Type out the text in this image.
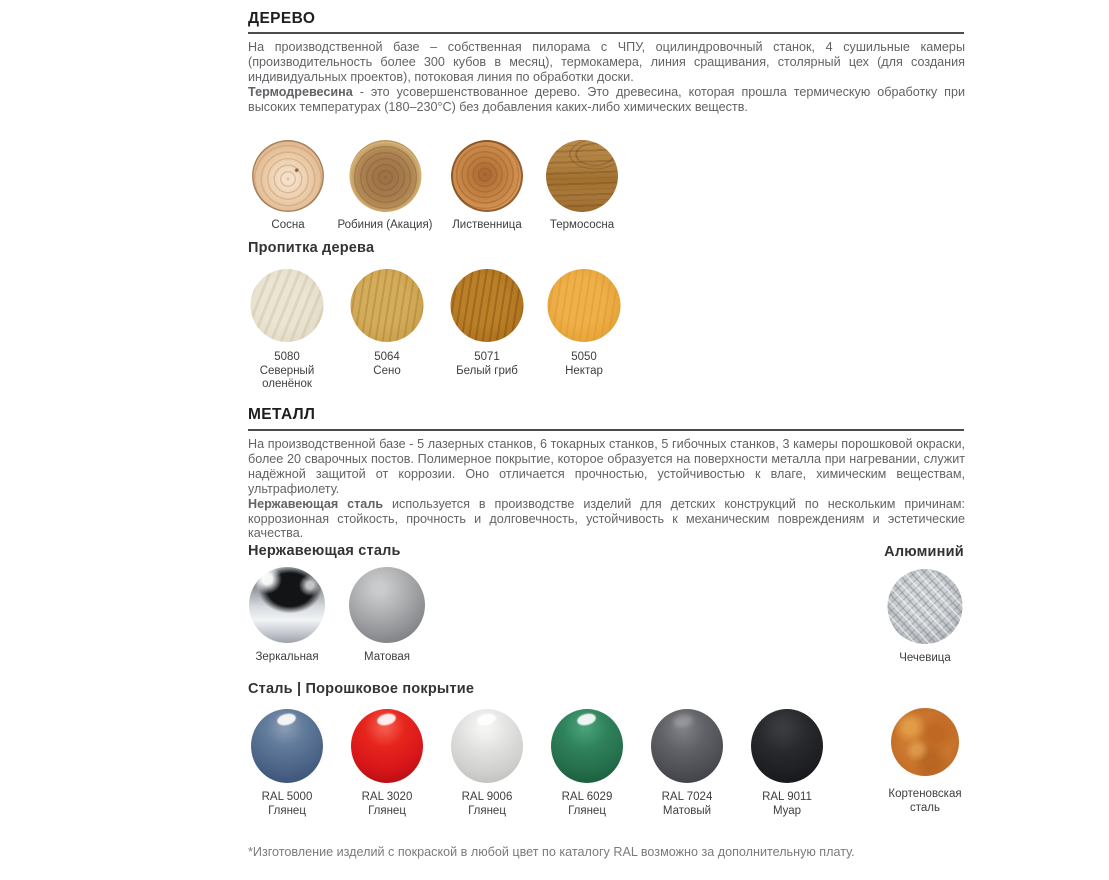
ДЕРЕВО
На производственной базе – собственная пилорама с ЧПУ, оцилиндровочный станок, 4 сушильные камеры (производительность более 300 кубов в месяц), термокамера, линия сращивания, столярный цех (для создания индивидуальных проектов), потоковая линия по обработки доски.
Термодревесина - это усовершенствованное дерево. Это древесина, которая прошла термическую обработку при высоких температурах (180–230°C) без добавления каких-либо химических веществ.
Сосна	Робиния (Акация) Лиственница	Термососна
Пропитка дерева
5080
Северный оленёнок
5064
Сено
5071
Белый гриб
5050
Нектар
МЕТАЛЛ
На производственной базе - 5 лазерных станков, 6 токарных станков, 5 гибочных станков, 3 камеры порошковой окраски, более 20 сварочных постов. Полимерное покрытие, которое образуется на поверхности металла при нагревании, служит надёжной защитой от коррозии. Оно отличается прочностью, устойчивостью к влаге, химическим веществам, ультрафиолету.
Нержавеющая сталь используется в производстве изделий для детских конструкций по нескольким причинам: коррозионная стойкость, прочность и долговечность, устойчивость к механическим повреждениям и эстетические качества.
Нержавеющая сталь
Зеркальная	Матовая
Алюминий
Чечевица
Сталь | Порошковое покрытие
RAL 5000
Глянец
RAL 3020
Глянец
RAL 9006
Глянец
RAL 6029
Глянец
RAL 7024
Матовый
RAL 9011
Муар
Кортеновская сталь
*Изготовление изделий с покраской в любой цвет по каталогу RAL возможно за дополнительную плату.
